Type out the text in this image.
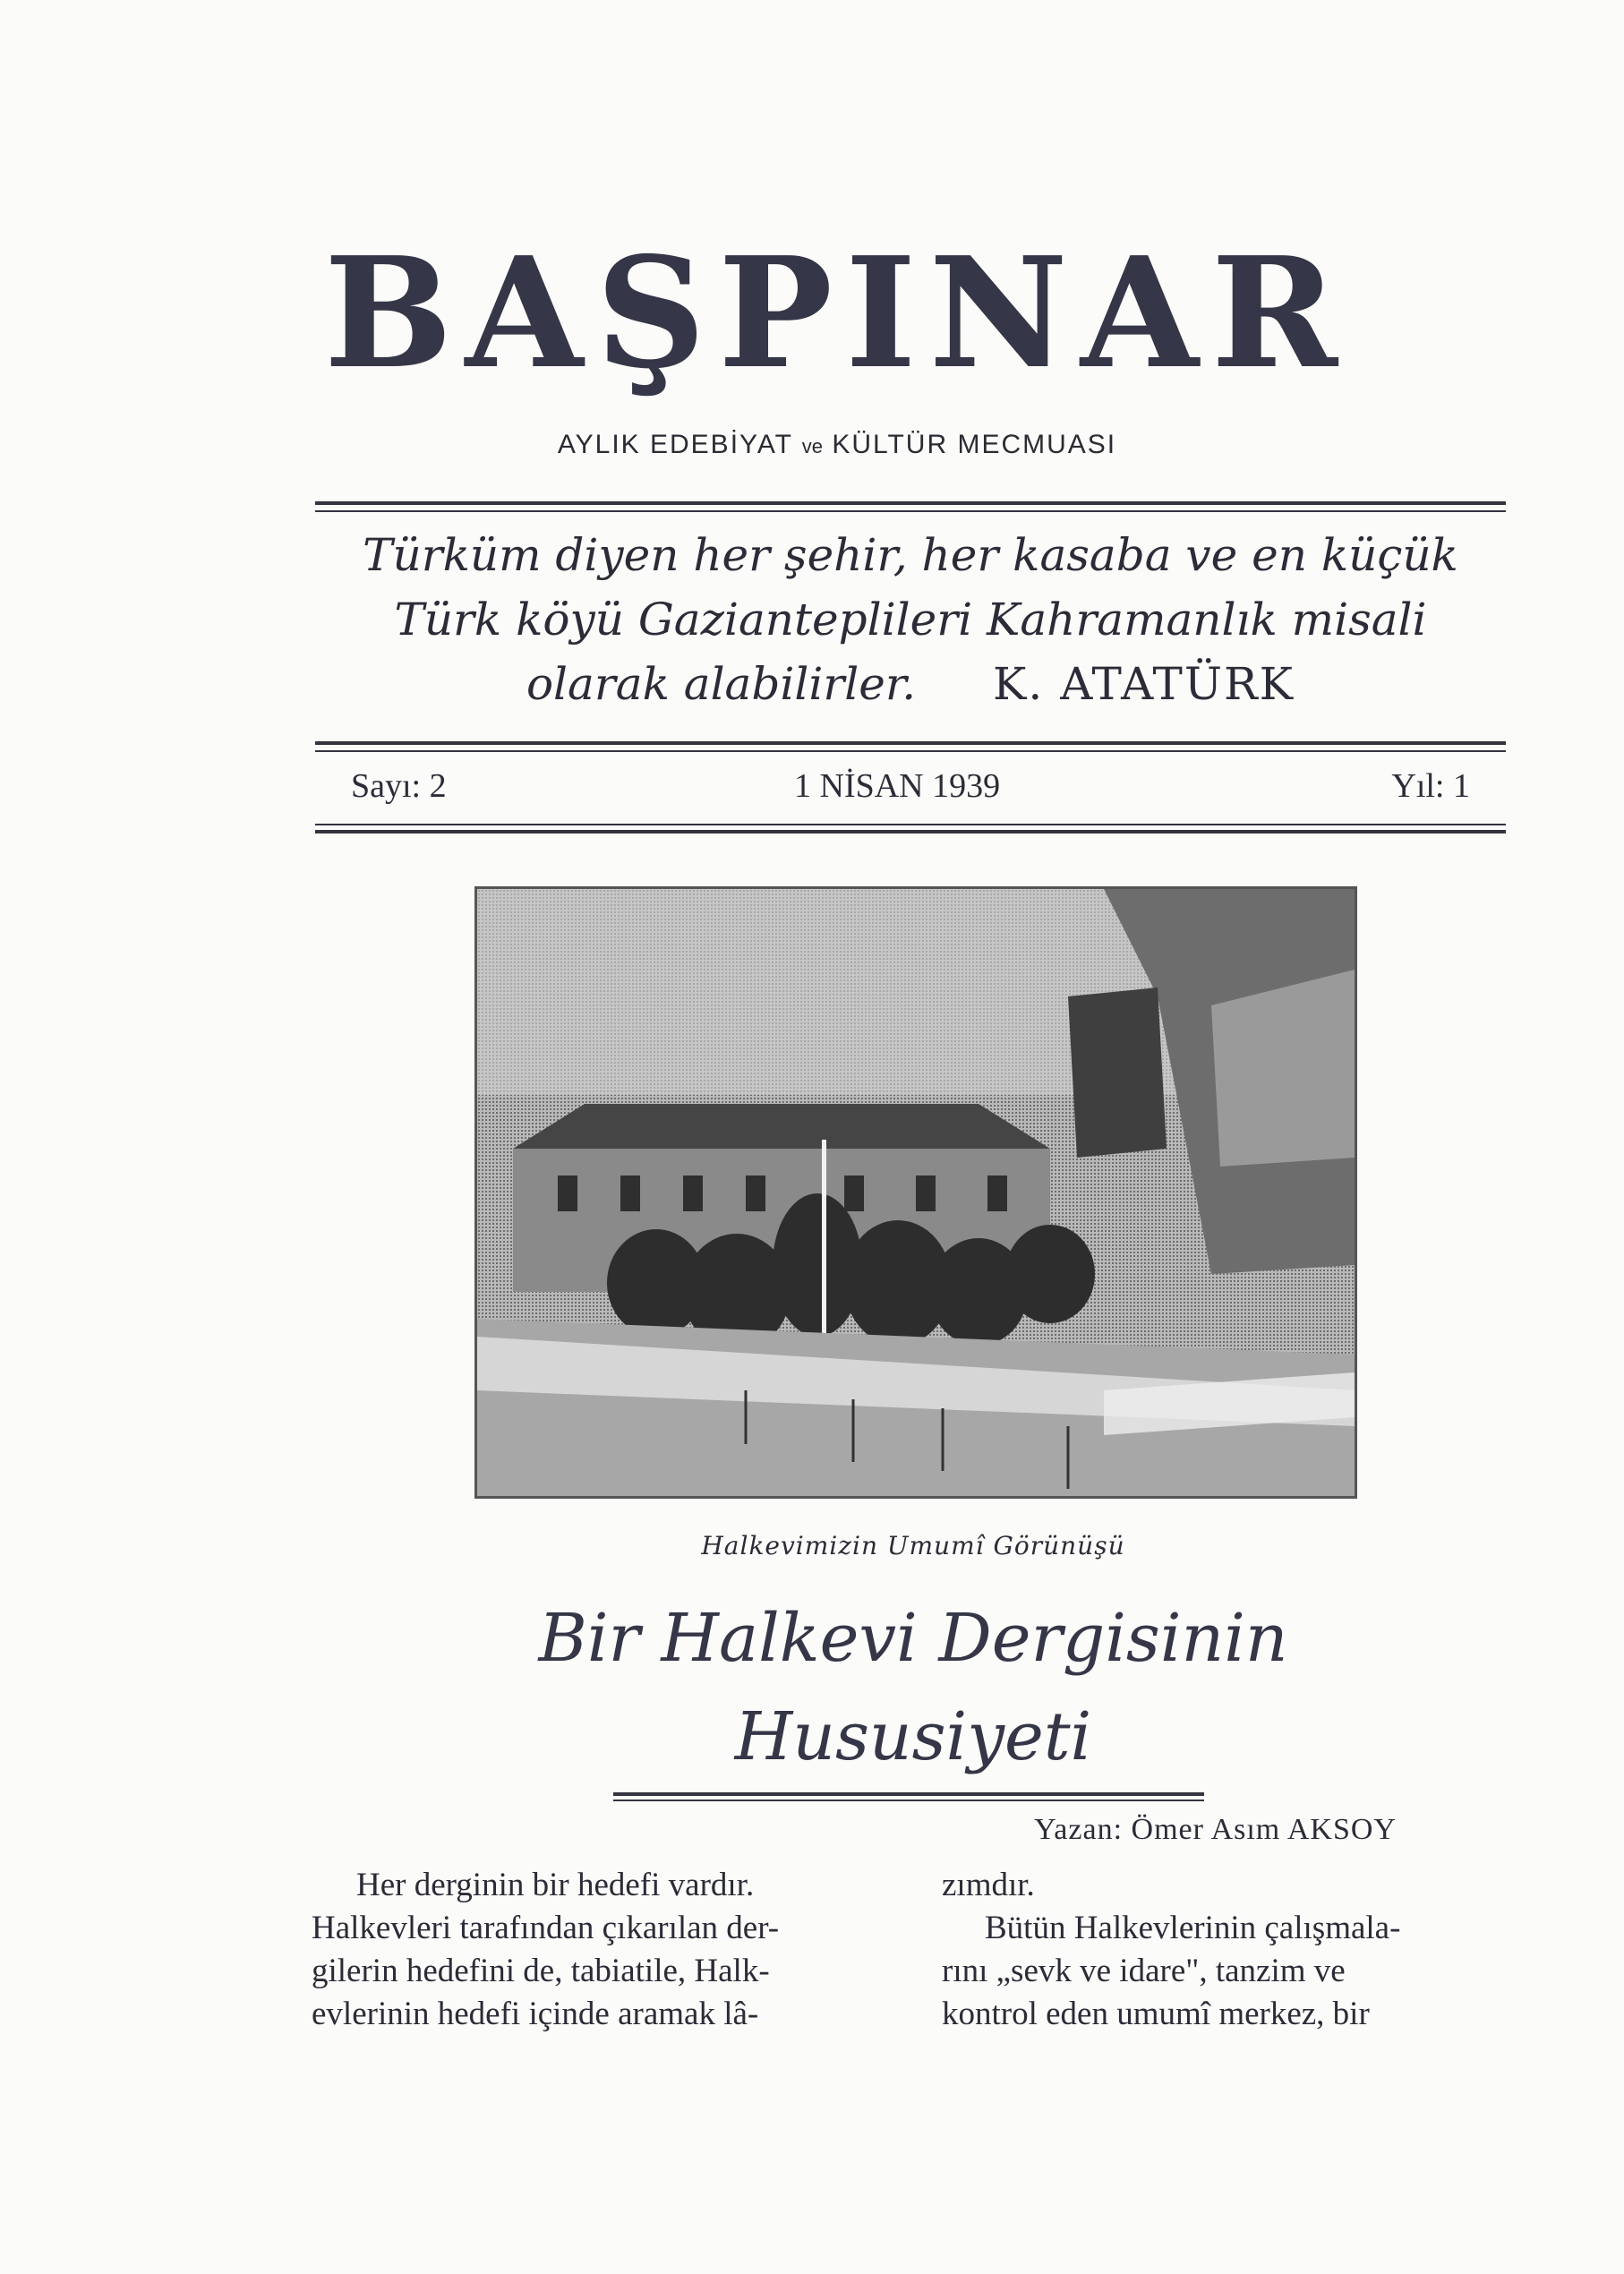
BAŞPINAR
AYLIK EDEBİYAT ve KÜLTÜR MECMUASI
Türküm diyen her şehir, her kasaba ve en küçük
Türk köyü Gazianteplileri Kahramanlık misali
olarak alabilirler. K. ATATÜRK
Sayı: 2	1 NİSAN 1939	Yıl: 1
Halkevimizin Umumî Görünüşü
Bir Halkevi Dergisinin
Hususiyeti
Yazan: Ömer Asım AKSOY
Her derginin bir hedefi vardır.
Halkevleri tarafından çıkarılan der-
gilerin hedefini de, tabiatile, Halk-
evlerinin hedefi içinde aramak lâ-
zımdır.
Bütün Halkevlerinin çalışmala-
rını „sevk ve idare", tanzim ve
kontrol eden umumî merkez, bir
